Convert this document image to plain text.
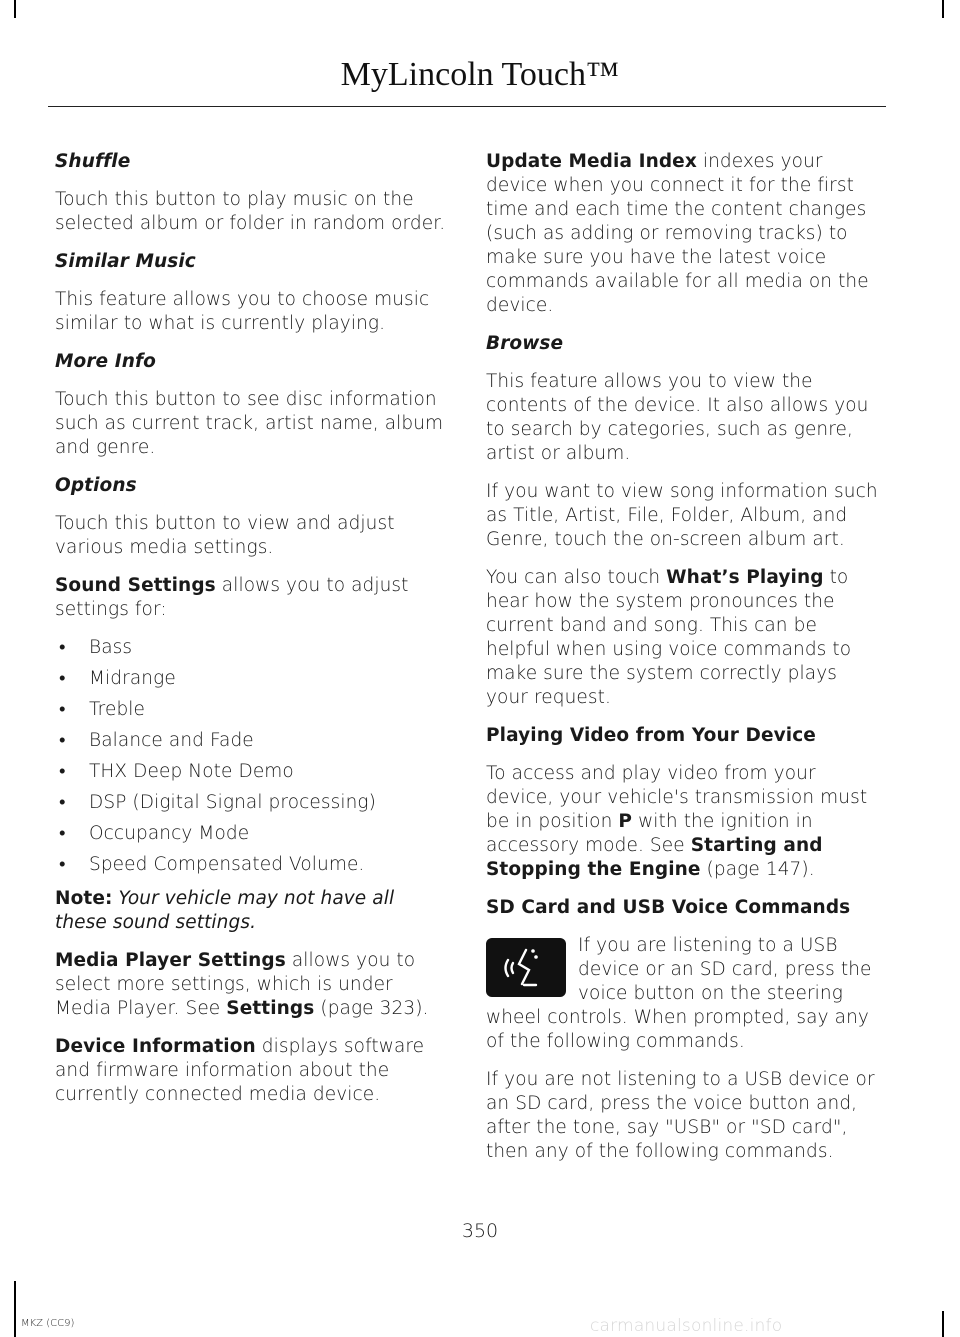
MyLincoln Touch™

Shuffle

Touch this button to play music on the selected album or folder in random order.

Similar Music

This feature allows you to choose music similar to what is currently playing.

More Info

Touch this button to see disc information such as current track, artist name, album and genre.

Options

Touch this button to view and adjust various media settings.

Sound Settings allows you to adjust settings for:

• Bass
• Midrange
• Treble
• Balance and Fade
• THX Deep Note Demo
• DSP (Digital Signal processing)
• Occupancy Mode
• Speed Compensated Volume.

Note: Your vehicle may not have all these sound settings.

Media Player Settings allows you to select more settings, which is under Media Player. See Settings (page 323).

Device Information displays software and firmware information about the currently connected media device.

Update Media Index indexes your device when you connect it for the first time and each time the content changes (such as adding or removing tracks) to make sure you have the latest voice commands available for all media on the device.

Browse

This feature allows you to view the contents of the device. It also allows you to search by categories, such as genre, artist or album.

If you want to view song information such as Title, Artist, File, Folder, Album, and Genre, touch the on-screen album art.

You can also touch What’s Playing to hear how the system pronounces the current band and song. This can be helpful when using voice commands to make sure the system correctly plays your request.

Playing Video from Your Device

To access and play video from your device, your vehicle's transmission must be in position P with the ignition in accessory mode. See Starting and Stopping the Engine (page 147).

SD Card and USB Voice Commands

If you are listening to a USB device or an SD card, press the voice button on the steering wheel controls. When prompted, say any of the following commands.

If you are not listening to a USB device or an SD card, press the voice button and, after the tone, say "USB" or "SD card", then any of the following commands.

350
MKZ (CC9)	carmanualsonline.info
